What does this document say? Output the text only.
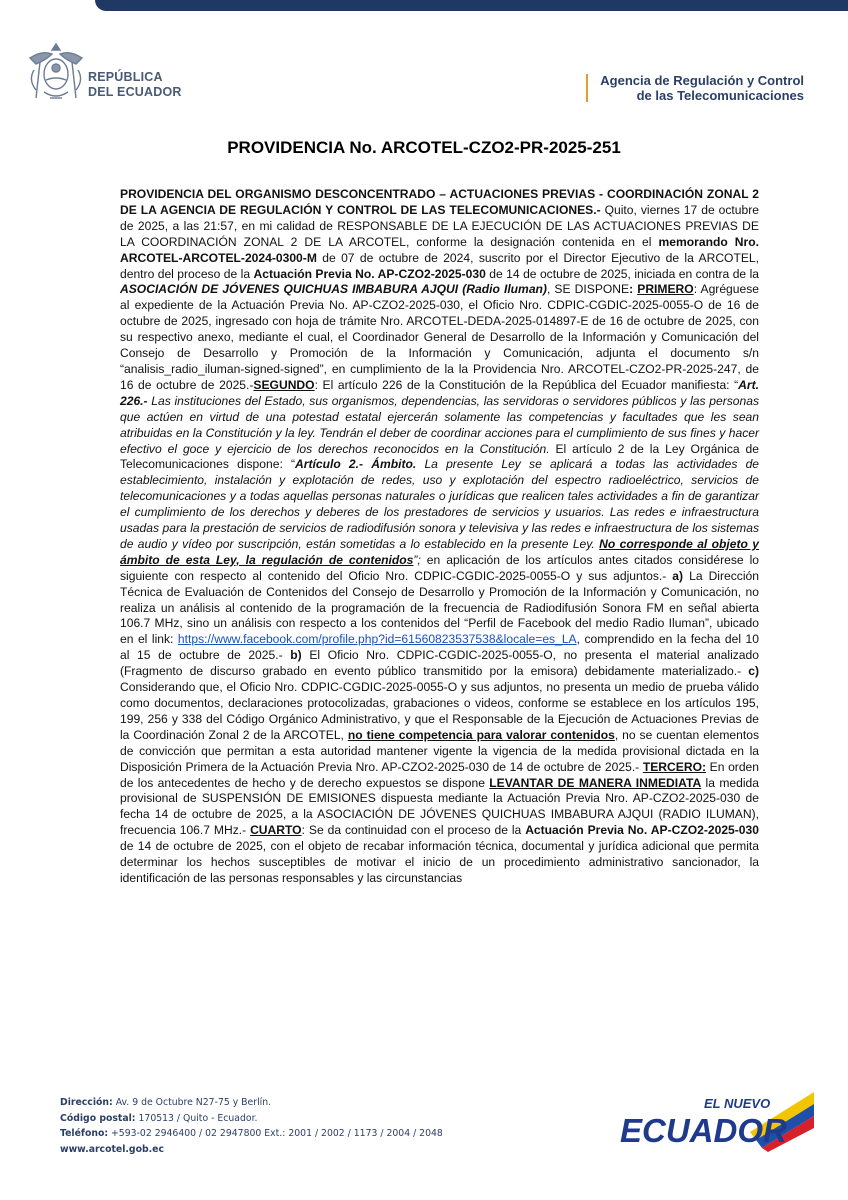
REPÚBLICA
DEL ECUADOR
Agencia de Regulación y Control
de las Telecomunicaciones
PROVIDENCIA No. ARCOTEL-CZO2-PR-2025-251
PROVIDENCIA DEL ORGANISMO DESCONCENTRADO – ACTUACIONES PREVIAS - COORDINACIÓN ZONAL 2 DE LA AGENCIA DE REGULACIÓN Y CONTROL DE LAS TELECOMUNICACIONES.- Quito, viernes 17 de octubre de 2025, a las 21:57, en mi calidad de RESPONSABLE DE LA EJECUCIÓN DE LAS ACTUACIONES PREVIAS DE LA COORDINACIÓN ZONAL 2 DE LA ARCOTEL, conforme la designación contenida en el memorando Nro. ARCOTEL-ARCOTEL-2024-0300-M de 07 de octubre de 2024, suscrito por el Director Ejecutivo de la ARCOTEL, dentro del proceso de la Actuación Previa No. AP-CZO2-2025-030 de 14 de octubre de 2025, iniciada en contra de la ASOCIACIÓN DE JÓVENES QUICHUAS IMBABURA AJQUI (Radio Iluman), SE DISPONE: PRIMERO: Agréguese al expediente de la Actuación Previa No. AP-CZO2-2025-030, el Oficio Nro. CDPIC-CGDIC-2025-0055-O de 16 de octubre de 2025, ingresado con hoja de trámite Nro. ARCOTEL-DEDA-2025-014897-E de 16 de octubre de 2025, con su respectivo anexo, mediante el cual, el Coordinador General de Desarrollo de la Información y Comunicación del Consejo de Desarrollo y Promoción de la Información y Comunicación, adjunta el documento s/n “analisis_radio_iluman-signed-signed”, en cumplimiento de la la Providencia Nro. ARCOTEL-CZO2-PR-2025-247, de 16 de octubre de 2025.-SEGUNDO: El artículo 226 de la Constitución de la República del Ecuador manifiesta: “Art. 226.- Las instituciones del Estado, sus organismos, dependencias, las servidoras o servidores públicos y las personas que actúen en virtud de una potestad estatal ejercerán solamente las competencias y facultades que les sean atribuidas en la Constitución y la ley. Tendrán el deber de coordinar acciones para el cumplimiento de sus fines y hacer efectivo el goce y ejercicio de los derechos reconocidos en la Constitución. El artículo 2 de la Ley Orgánica de Telecomunicaciones dispone: “Artículo 2.- Ámbito. La presente Ley se aplicará a todas las actividades de establecimiento, instalación y explotación de redes, uso y explotación del espectro radioeléctrico, servicios de telecomunicaciones y a todas aquellas personas naturales o jurídicas que realicen tales actividades a fin de garantizar el cumplimiento de los derechos y deberes de los prestadores de servicios y usuarios. Las redes e infraestructura usadas para la prestación de servicios de radiodifusión sonora y televisiva y las redes e infraestructura de los sistemas de audio y vídeo por suscripción, están sometidas a lo establecido en la presente Ley. No corresponde al objeto y ámbito de esta Ley, la regulación de contenidos”; en aplicación de los artículos antes citados considérese lo siguiente con respecto al contenido del Oficio Nro. CDPIC-CGDIC-2025-0055-O y sus adjuntos.- a) La Dirección Técnica de Evaluación de Contenidos del Consejo de Desarrollo y Promoción de la Información y Comunicación, no realiza un análisis al contenido de la programación de la frecuencia de Radiodifusión Sonora FM en señal abierta 106.7 MHz, sino un análisis con respecto a los contenidos del “Perfil de Facebook del medio Radio Iluman”, ubicado en el link: https://www.facebook.com/profile.php?id=61560823537538&locale=es_LA, comprendido en la fecha del 10 al 15 de octubre de 2025.- b) El Oficio Nro. CDPIC-CGDIC-2025-0055-O, no presenta el material analizado (Fragmento de discurso grabado en evento público transmitido por la emisora) debidamente materializado.- c) Considerando que, el Oficio Nro. CDPIC-CGDIC-2025-0055-O y sus adjuntos, no presenta un medio de prueba válido como documentos, declaraciones protocolizadas, grabaciones o videos, conforme se establece en los artículos 195, 199, 256 y 338 del Código Orgánico Administrativo, y que el Responsable de la Ejecución de Actuaciones Previas de la Coordinación Zonal 2 de la ARCOTEL, no tiene competencia para valorar contenidos, no se cuentan elementos de convicción que permitan a esta autoridad mantener vigente la vigencia de la medida provisional dictada en la Disposición Primera de la Actuación Previa Nro. AP-CZO2-2025-030 de 14 de octubre de 2025.- TERCERO: En orden de los antecedentes de hecho y de derecho expuestos se dispone LEVANTAR DE MANERA INMEDIATA la medida provisional de SUSPENSIÓN DE EMISIONES dispuesta mediante la Actuación Previa Nro. AP-CZO2-2025-030 de fecha 14 de octubre de 2025, a la ASOCIACIÓN DE JÓVENES QUICHUAS IMBABURA AJQUI (RADIO ILUMAN), frecuencia 106.7 MHz.- CUARTO: Se da continuidad con el proceso de la Actuación Previa No. AP-CZO2-2025-030 de 14 de octubre de 2025, con el objeto de recabar información técnica, documental y jurídica adicional que permita determinar los hechos susceptibles de motivar el inicio de un procedimiento administrativo sancionador, la identificación de las personas responsables y las circunstancias
Dirección: Av. 9 de Octubre N27-75 y Berlín.
Código postal: 170513 / Quito - Ecuador.
Teléfono: +593-02 2946400 / 02 2947800 Ext.: 2001 / 2002 / 1173 / 2004 / 2048
www.arcotel.gob.ec
EL NUEVO
ECUADOR
